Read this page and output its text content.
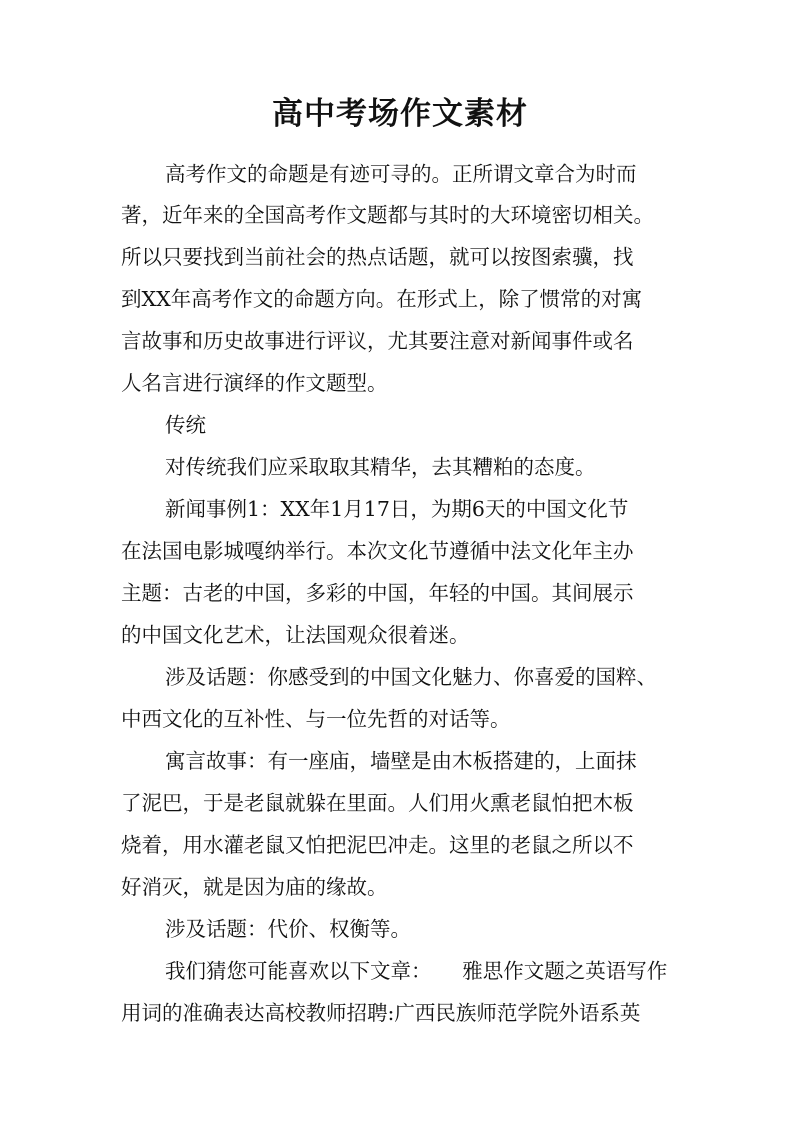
高中考场作文素材
高考作文的命题是有迹可寻的。正所谓文章合为时而
著，近年来的全国高考作文题都与其时的大环境密切相关。
所以只要找到当前社会的热点话题，就可以按图索骥，找
到XX年高考作文的命题方向。在形式上，除了惯常的对寓
言故事和历史故事进行评议，尤其要注意对新闻事件或名
人名言进行演绎的作文题型。
传统
对传统我们应采取取其精华，去其糟粕的态度。
新闻事例1：XX年1月17日，为期6天的中国文化节
在法国电影城嘎纳举行。本次文化节遵循中法文化年主办
主题：古老的中国，多彩的中国，年轻的中国。其间展示
的中国文化艺术，让法国观众很着迷。
涉及话题：你感受到的中国文化魅力、你喜爱的国粹、
中西文化的互补性、与一位先哲的对话等。
寓言故事：有一座庙，墙壁是由木板搭建的，上面抹
了泥巴，于是老鼠就躲在里面。人们用火熏老鼠怕把木板
烧着，用水灌老鼠又怕把泥巴冲走。这里的老鼠之所以不
好消灭，就是因为庙的缘故。
涉及话题：代价、权衡等。
我们猜您可能喜欢以下文章：　　雅思作文题之英语写作
用词的准确表达高校教师招聘:广西民族师范学院外语系英
